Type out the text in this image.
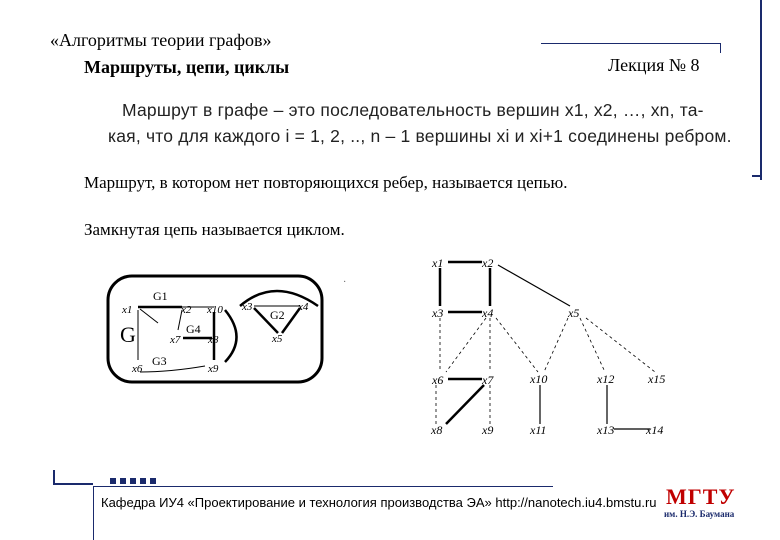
«Алгоритмы теории графов»
Маршруты, цепи, циклы	Лекция № 8
Маршрут в графе – это последовательность вершин x1, x2, …, xn, та-
кая, что для каждого i = 1, 2, .., n – 1 вершины xi и xi+1 соединены ребром.
Маршрут, в котором нет повторяющихся ребер, называется цепью.
Замкнутая цепь называется циклом.
G
G1
G2
G3
G4
x1	x2 x10 x3	x4
x7	x8	x5
x6	x9
·
x1	x2
x3	x4	x5
x6	x7	x10	x12	x15
x8	x9	x11	x13	x14
Кафедра ИУ4 «Проектирование и технология производства ЭА» http://nanotech.iu4.bmstu.ru МГТУ
им. Н.Э. Баумана
